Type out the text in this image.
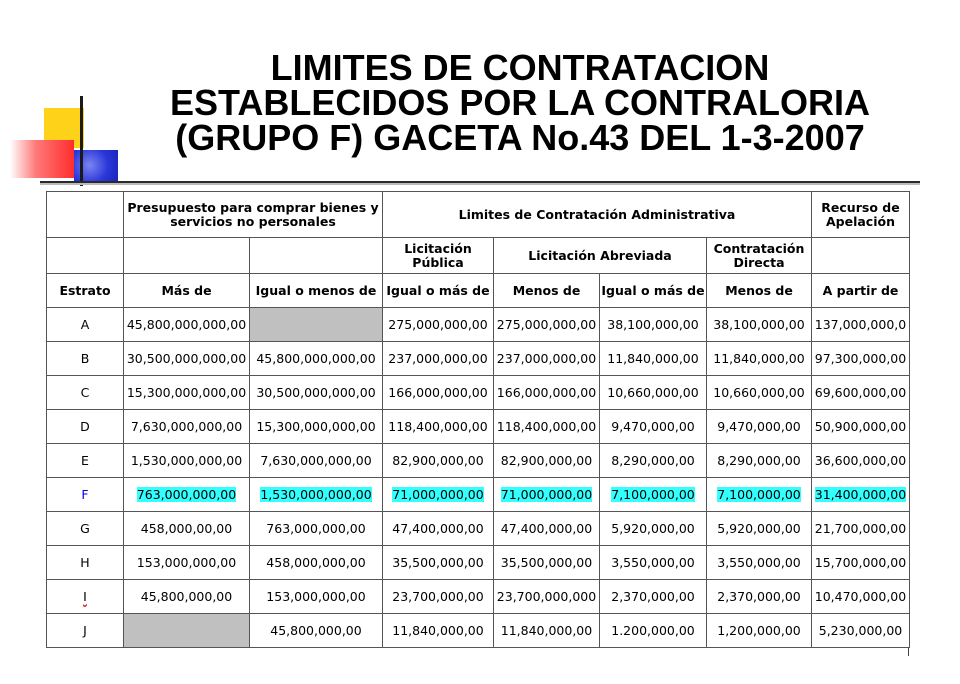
LIMITES DE CONTRATACION
ESTABLECIDOS POR LA CONTRALORIA
(GRUPO F) GACETA No.43 DEL 1-3-2007
	Presupuesto para comprar bienes y servicios no personales		Limites de Contratación Administrativa				Recurso de Apelación
			Licitación Pública	Licitación Abreviada		Contratación Directa	
Estrato	Más de	Igual o menos de	Igual o más de	Menos de	Igual o más de	Menos de	A partir de
A	45,800,000,000,00		275,000,000,00	275,000,000,00	38,100,000,00	38,100,000,00	137,000,000,0
B	30,500,000,000,00	45,800,000,000,00	237,000,000,00	237,000,000,00	11,840,000,00	11,840,000,00	97,300,000,00
C	15,300,000,000,00	30,500,000,000,00	166,000,000,00	166,000,000,00	10,660,000,00	10,660,000,00	69,600,000,00
D	7,630,000,000,00	15,300,000,000,00	118,400,000,00	118,400,000,00	9,470,000,00	9,470,000,00	50,900,000,00
E	1,530,000,000,00	7,630,000,000,00	82,900,000,00	82,900,000,00	8,290,000,00	8,290,000,00	36,600,000,00
F	763,000,000,00	1,530,000,000,00	71,000,000,00	71,000,000,00	7,100,000,00	7,100,000,00	31,400,000,00
G	458,000,00,00	763,000,000,00	47,400,000,00	47,400,000,00	5,920,000,00	5,920,000,00	21,700,000,00
H	153,000,000,00	458,000,000,00	35,500,000,00	35,500,000,00	3,550,000,00	3,550,000,00	15,700,000,00
I	45,800,000,00	153,000,000,00	23,700,000,00	23,700,000,000	2,370,000,00	2,370,000,00	10,470,000,00
J		45,800,000,00	11,840,000,00	11,840,000,00	1.200,000,00	1,200,000,00	5,230,000,00
